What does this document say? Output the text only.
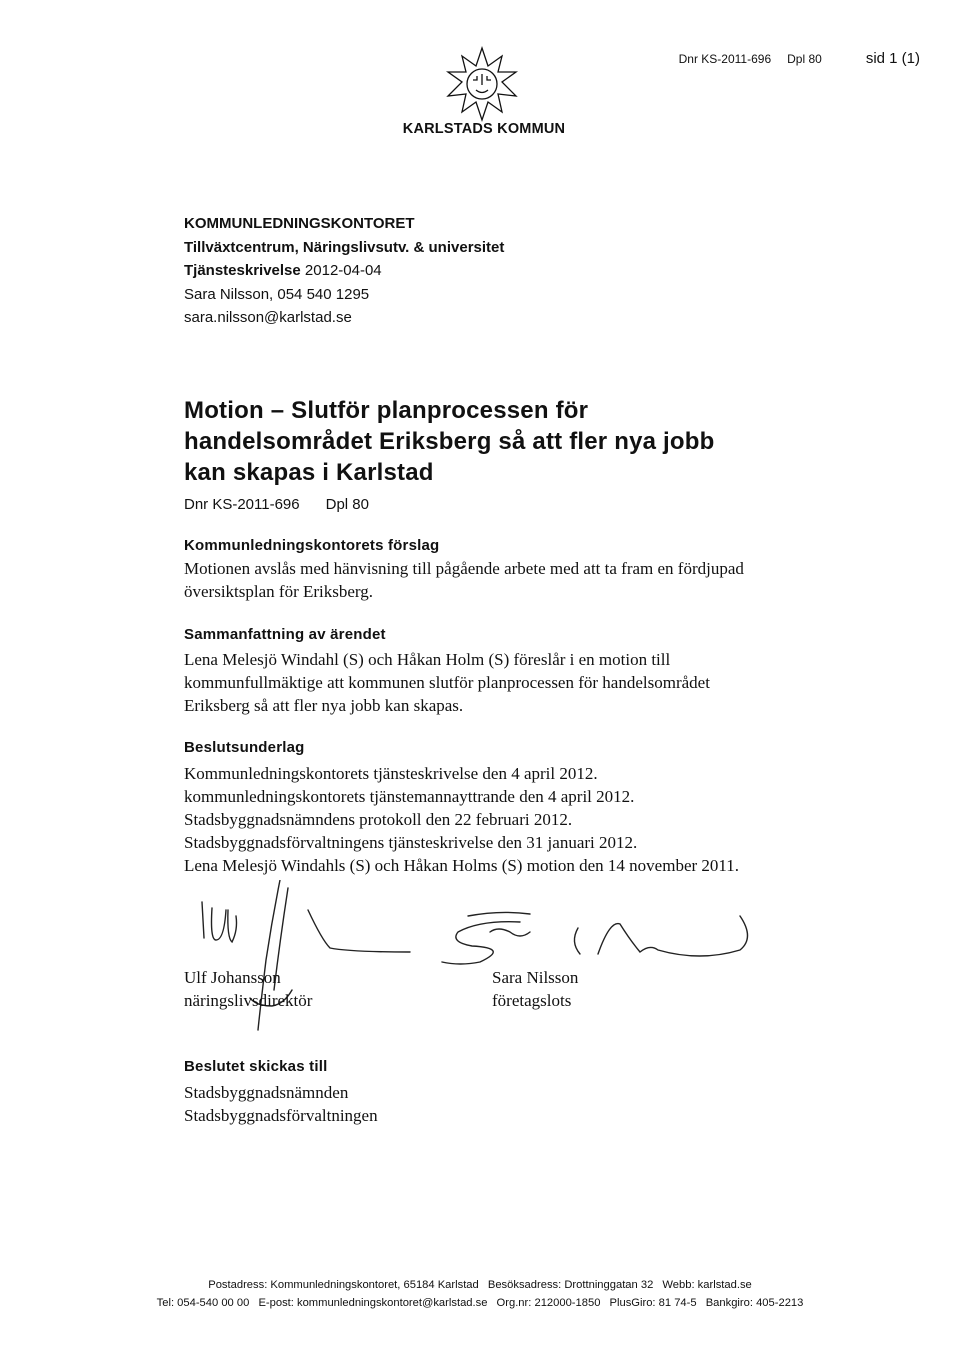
Dnr KS-2011-696 Dpl 80	sid 1 (1)
KARLSTADS KOMMUN
KOMMUNLEDNINGSKONTORET
Tillväxtcentrum, Näringslivsutv. & universitet
Tjänsteskrivelse 2012-04-04
Sara Nilsson, 054 540 1295
sara.nilsson@karlstad.se
Motion – Slutför planprocessen för
handelsområdet Eriksberg så att fler nya jobb
kan skapas i Karlstad
Dnr KS-2011-696 Dpl 80
Kommunledningskontorets förslag

Motionen avslås med hänvisning till pågående arbete med att ta fram en fördjupad
översiktsplan för Eriksberg.

Sammanfattning av ärendet

Lena Melesjö Windahl (S) och Håkan Holm (S) föreslår i en motion till
kommunfullmäktige att kommunen slutför planprocessen för handelsområdet
Eriksberg så att fler nya jobb kan skapas.

Beslutsunderlag

Kommunledningskontorets tjänsteskrivelse den 4 april 2012.
kommunledningskontorets tjänstemannayttrande den 4 april 2012.
Stadsbyggnadsnämndens protokoll den 22 februari 2012.
Stadsbyggnadsförvaltningens tjänsteskrivelse den 31 januari 2012.
Lena Melesjö Windahls (S) och Håkan Holms (S) motion den 14 november 2011.

Ulf Johansson
näringslivsdirektör
Sara Nilsson
företagslots
Beslutet skickas till

Stadsbyggnadsnämnden
Stadsbyggnadsförvaltningen

Postadress: Kommunledningskontoret, 65184 Karlstad Besöksadress: Drottninggatan 32 Webb: karlstad.se
Tel: 054-540 00 00 E-post: kommunledningskontoret@karlstad.se Org.nr: 212000-1850 PlusGiro: 81 74-5 Bankgiro: 405-2213
